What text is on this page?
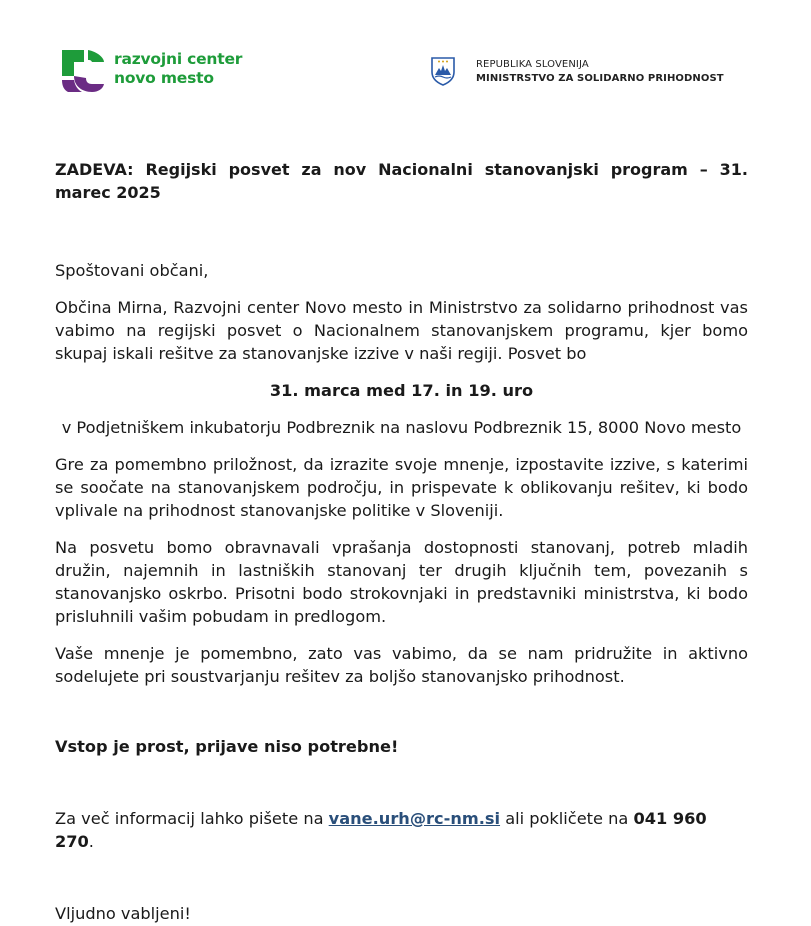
razvojni center
novo mesto
REPUBLIKA SLOVENIJA
MINISTRSTVO ZA SOLIDARNO PRIHODNOST

ZADEVA: Regijski posvet za nov Nacionalni stanovanjski program – 31. marec 2025

Spoštovani občani,

Občina Mirna, Razvojni center Novo mesto in Ministrstvo za solidarno prihodnost vas vabimo na regijski posvet o Nacionalnem stanovanjskem programu, kjer bomo skupaj iskali rešitve za stanovanjske izzive v naši regiji. Posvet bo

31. marca med 17. in 19. uro

v Podjetniškem inkubatorju Podbreznik na naslovu Podbreznik 15, 8000 Novo mesto

Gre za pomembno priložnost, da izrazite svoje mnenje, izpostavite izzive, s katerimi se soočate na stanovanjskem področju, in prispevate k oblikovanju rešitev, ki bodo vplivale na prihodnost stanovanjske politike v Sloveniji.

Na posvetu bomo obravnavali vprašanja dostopnosti stanovanj, potreb mladih družin, najemnih in lastniških stanovanj ter drugih ključnih tem, povezanih s stanovanjsko oskrbo. Prisotni bodo strokovnjaki in predstavniki ministrstva, ki bodo prisluhnili vašim pobudam in predlogom.

Vaše mnenje je pomembno, zato vas vabimo, da se nam pridružite in aktivno sodelujete pri soustvarjanju rešitev za boljšo stanovanjsko prihodnost.

Vstop je prost, prijave niso potrebne!

Za več informacij lahko pišete na vane.urh@rc-nm.si ali pokličete na 041 960 270.

Vljudno vabljeni!
